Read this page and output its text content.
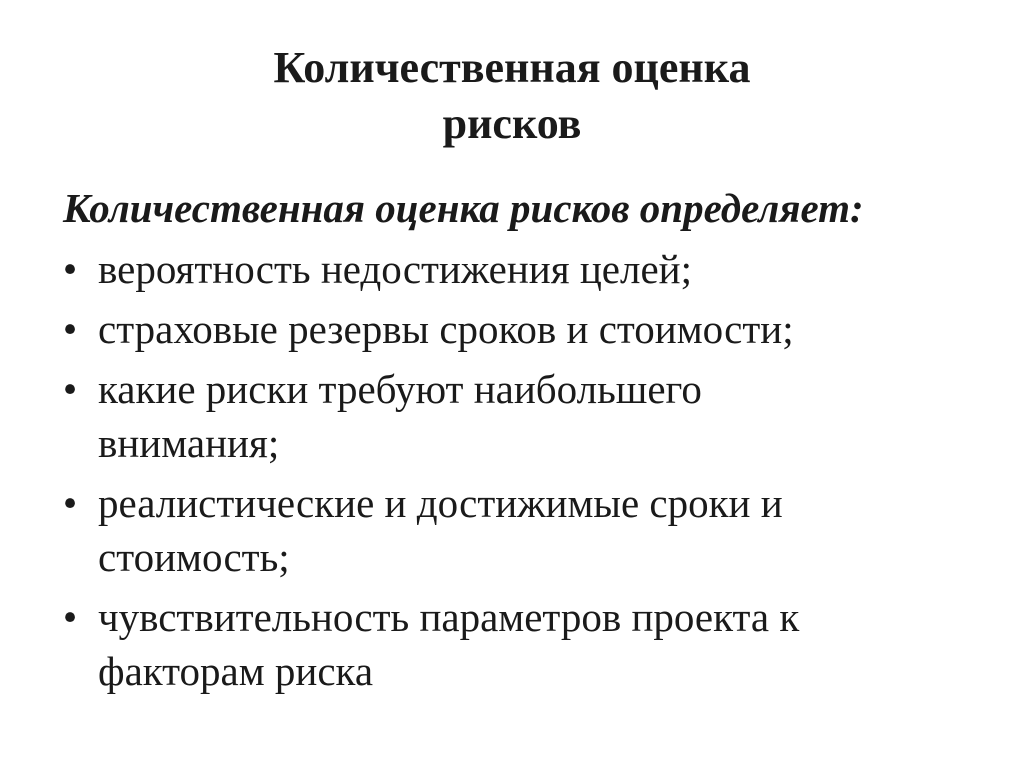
Количественная оценка
рисков

Количественная оценка рисков определяет:

• вероятность недостижения целей;
• страховые резервы сроков и стоимости;
• какие риски требуют наибольшего
внимания;
• реалистические и достижимые сроки и
стоимость;
• чувствительность параметров проекта к
факторам риска
